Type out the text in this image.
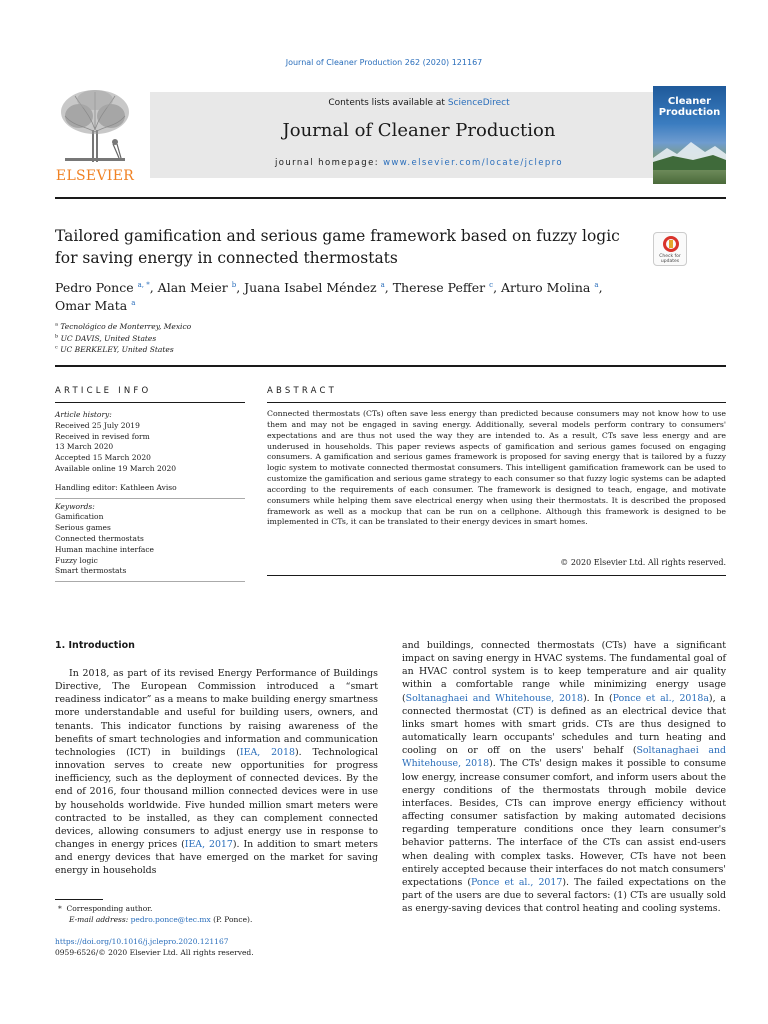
Journal of Cleaner Production 262 (2020) 121167
ELSEVIER
Contents lists available at ScienceDirect
Journal of Cleaner Production
journal homepage: www.elsevier.com/locate/jclepro
Cleaner Production
Tailored gamification and serious game framework based on fuzzy logic for saving energy in connected thermostats	Check for updates
Pedro Ponce $^{a, *}$, Alan Meier $^b$, Juana Isabel Méndez $^a$, Therese Peffer $^c$, Arturo Molina $^a$,
Omar Mata $^a$
$^a$ Tecnológico de Monterrey, Mexico
$^b$ UC DAVIS, United States
$^c$ UC BERKELEY, United States
ARTICLE INFO	ABSTRACT
Article history:
Received 25 July 2019
Received in revised form
13 March 2020
Accepted 15 March 2020
Available online 19 March 2020
Handling editor: Kathleen Aviso
Keywords:
Gamification
Serious games
Connected thermostats
Human machine interface
Fuzzy logic
Smart thermostats
Connected thermostats (CTs) often save less energy than predicted because consumers may not know how to use them and may not be engaged in saving energy. Additionally, several models perform contrary to consumers' expectations and are thus not used the way they are intended to. As a result, CTs save less energy and are underused in households. This paper reviews aspects of gamification and serious games focused on engaging consumers. A gamification and serious games framework is proposed for saving energy that is tailored by a fuzzy logic system to motivate connected thermostat consumers. This intelligent gamification framework can be used to customize the gamification and serious game strategy to each consumer so that fuzzy logic systems can be adapted according to the requirements of each consumer. The framework is designed to teach, engage, and motivate consumers while helping them save electrical energy when using their thermostats. It is described the proposed framework as well as a mockup that can be run on a cellphone. Although this framework is designed to be implemented in CTs, it can be translated to their energy devices in smart homes.
© 2020 Elsevier Ltd. All rights reserved.
1. Introduction
In 2018, as part of its revised Energy Performance of Buildings Directive, The European Commission introduced a “smart readiness indicator” as a means to make building energy smartness more understandable and useful for building users, owners, and tenants. This indicator functions by raising awareness of the benefits of smart technologies and information and communication technologies (ICT) in buildings (IEA, 2018). Technological innovation serves to create new opportunities for progress inefficiency, such as the deployment of connected devices. By the end of 2016, four thousand million connected devices were in use by households worldwide. Five hunded million smart meters were contracted to be installed, as they can complement connected devices, allowing consumers to adjust energy use in response to changes in energy prices (IEA, 2017). In addition to smart meters and energy devices that have emerged on the market for saving energy in households
and buildings, connected thermostats (CTs) have a significant impact on saving energy in HVAC systems. The fundamental goal of an HVAC control system is to keep temperature and air quality within a comfortable range while minimizing energy usage (Soltanaghaei and Whitehouse, 2018). In (Ponce et al., 2018a), a connected thermostat (CT) is defined as an electrical device that links smart homes with smart grids. CTs are thus designed to automatically learn occupants' schedules and turn heating and cooling on or off on the users' behalf (Soltanaghaei and Whitehouse, 2018). The CTs' design makes it possible to consume low energy, increase consumer comfort, and inform users about the energy conditions of the thermostats through mobile device interfaces. Besides, CTs can improve energy efficiency without affecting consumer satisfaction by making automated decisions regarding temperature conditions once they learn consumer's behavior patterns. The interface of the CTs can assist end-users when dealing with complex tasks. However, CTs have not been entirely accepted because their interfaces do not match consumers' expectations (Ponce et al., 2017). The failed expectations on the part of the users are due to several factors: (1) CTs are usually sold as energy-saving devices that control heating and cooling systems.
* Corresponding author.
E-mail address: pedro.ponce@tec.mx (P. Ponce).
https://doi.org/10.1016/j.jclepro.2020.121167
0959-6526/© 2020 Elsevier Ltd. All rights reserved.
